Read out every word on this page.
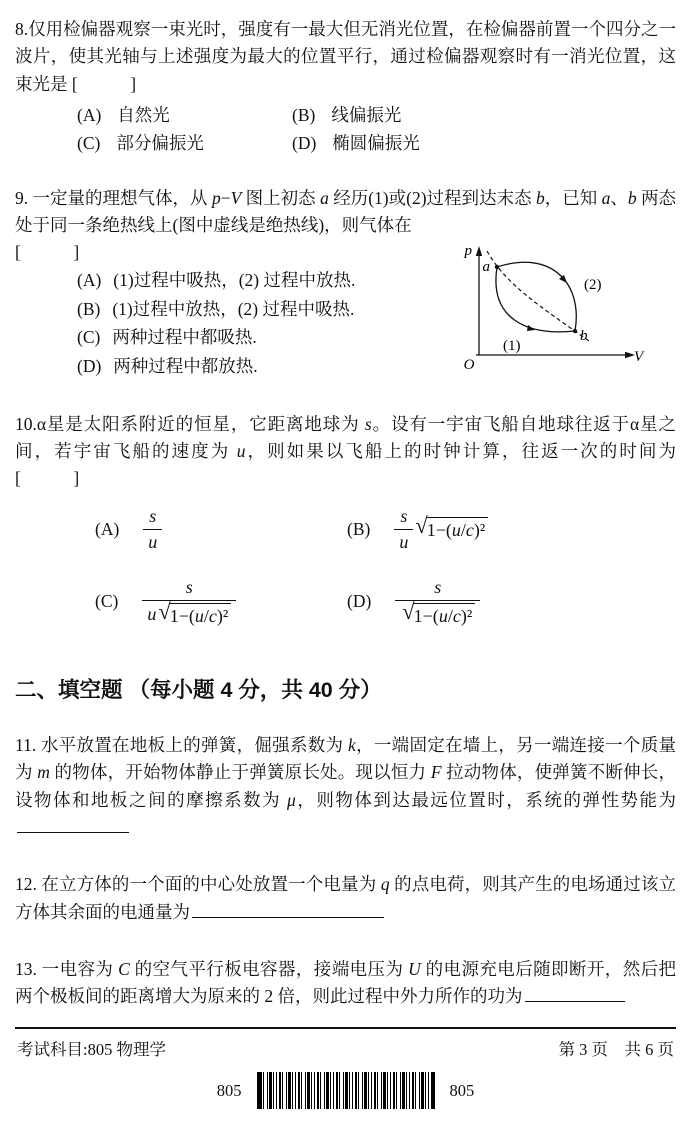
8.仅用检偏器观察一束光时，强度有一最大但无消光位置，在检偏器前置一个四分之一波片，使其光轴与上述强度为最大的位置平行，通过检偏器观察时有一消光位置，这束光是 [　　　]

(A) 自然光	(B) 线偏振光
(C) 部分偏振光	(D) 椭圆偏振光

9. 一定量的理想气体，从 p−V 图上初态 a 经历(1)或(2)过程到达末态 b，已知 a、b 两态处于同一条绝热线上(图中虚线是绝热线)，则气体在

[　　　]

(A) (1)过程中吸热，(2) 过程中放热.
(B) (1)过程中放热，(2) 过程中吸热.
(C) 两种过程中都吸热.
(D) 两种过程中都放热.
p
V
O
a
b
(2)
(1)

10.α星是太阳系附近的恒星，它距离地球为 s。设有一宇宙飞船自地球往返于α星之间，若宇宙飞船的速度为 u，则如果以飞船上的时钟计算，往返一次的时间为　[　　　]

$(A) \frac{s}{u}$	$(B) \frac{s}{u}$ √ 1−(u/c)²
$(C) \frac{s}{\text{u √ 1−(u/c)²}}$	$(D) \frac{s}{\text{√ 1−(u/c)²}}$
二、填空题 （每小题 4 分，共 40 分）

11. 水平放置在地板上的弹簧，倔强系数为 k，一端固定在墙上，另一端连接一个质量为 m 的物体，开始物体静止于弹簧原长处。现以恒力 F 拉动物体，使弹簧不断伸长，设物体和地板之间的摩擦系数为 μ，则物体到达最远位置时，系统的弹性势能为

12. 在立方体的一个面的中心处放置一个电量为 q 的点电荷，则其产生的电场通过该立方体其余面的电通量为

13. 一电容为 C 的空气平行板电容器，接端电压为 U 的电源充电后随即断开，然后把两个极板间的距离增大为原来的 2 倍，则此过程中外力所作的功为

考试科目:805 物理学	第 3 页　共 6 页
805	805
